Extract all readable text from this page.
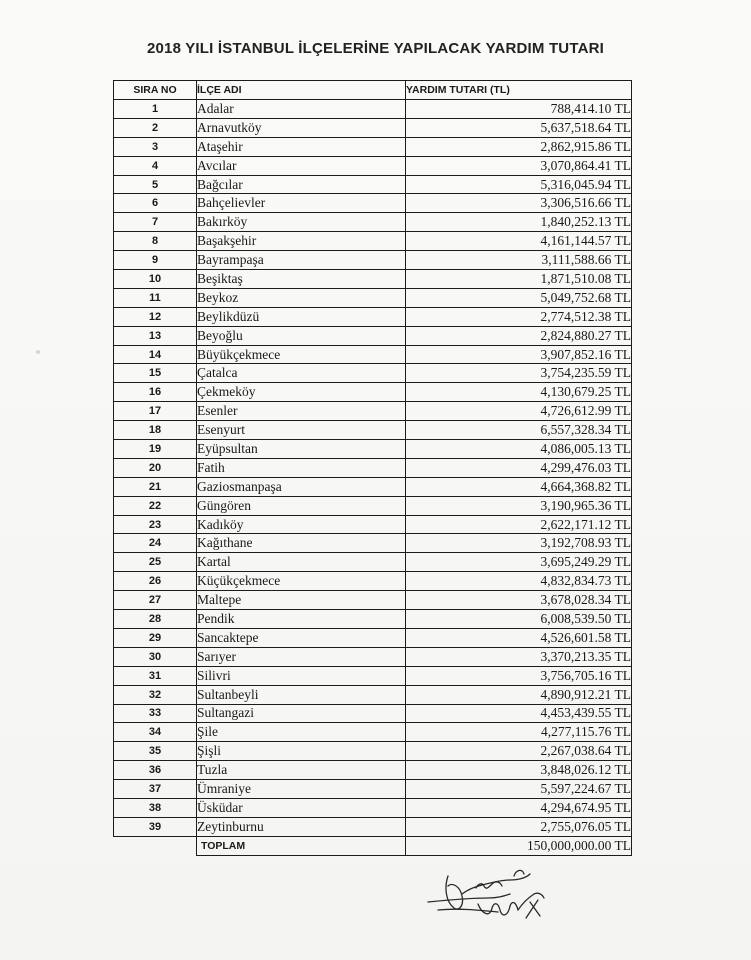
2018 YILI İSTANBUL İLÇELERİNE YAPILACAK YARDIM TUTARI
SIRA NO	İLÇE ADI	YARDIM TUTARI (TL)
1	Adalar	788,414.10 TL
2	Arnavutköy	5,637,518.64 TL
3	Ataşehir	2,862,915.86 TL
4	Avcılar	3,070,864.41 TL
5	Bağcılar	5,316,045.94 TL
6	Bahçelievler	3,306,516.66 TL
7	Bakırköy	1,840,252.13 TL
8	Başakşehir	4,161,144.57 TL
9	Bayrampaşa	3,111,588.66 TL
10	Beşiktaş	1,871,510.08 TL
11	Beykoz	5,049,752.68 TL
12	Beylikdüzü	2,774,512.38 TL
13	Beyoğlu	2,824,880.27 TL
14	Büyükçekmece	3,907,852.16 TL
15	Çatalca	3,754,235.59 TL
16	Çekmeköy	4,130,679.25 TL
17	Esenler	4,726,612.99 TL
18	Esenyurt	6,557,328.34 TL
19	Eyüpsultan	4,086,005.13 TL
20	Fatih	4,299,476.03 TL
21	Gaziosmanpaşa	4,664,368.82 TL
22	Güngören	3,190,965.36 TL
23	Kadıköy	2,622,171.12 TL
24	Kağıthane	3,192,708.93 TL
25	Kartal	3,695,249.29 TL
26	Küçükçekmece	4,832,834.73 TL
27	Maltepe	3,678,028.34 TL
28	Pendik	6,008,539.50 TL
29	Sancaktepe	4,526,601.58 TL
30	Sarıyer	3,370,213.35 TL
31	Silivri	3,756,705.16 TL
32	Sultanbeyli	4,890,912.21 TL
33	Sultangazi	4,453,439.55 TL
34	Şile	4,277,115.76 TL
35	Şişli	2,267,038.64 TL
36	Tuzla	3,848,026.12 TL
37	Ümraniye	5,597,224.67 TL
38	Üsküdar	4,294,674.95 TL
39	Zeytinburnu	2,755,076.05 TL
	TOPLAM	150,000,000.00 TL
